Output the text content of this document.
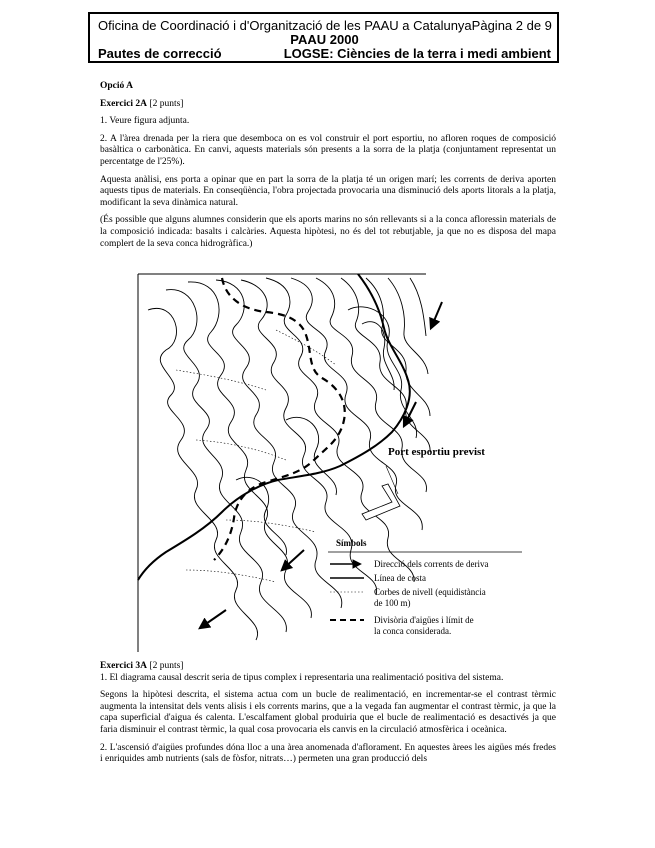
Oficina de Coordinació i d'Organització de les PAAU a Catalunya Pàgina 2 de 9
PAAU 2000
Pautes de correcció	LOGSE: Ciències de la terra i medi ambient

Opció A

Exercici 2A [2 punts]

1. Veure figura adjunta.

2. A l'àrea drenada per la riera que desemboca on es vol construir el port esportiu, no afloren roques de composició basàltica o carbonàtica. En canvi, aquests materials són presents a la sorra de la platja (conjuntament representat un percentatge de l'25%).

Aquesta anàlisi, ens porta a opinar que en part la sorra de la platja té un origen marí; les corrents de deriva aporten aquests tipus de materials. En conseqüència, l'obra projectada provocaria una disminució dels aports litorals a la platja, modificant la seva dinàmica natural.

(És possible que alguns alumnes considerin que els aports marins no són rellevants si a la conca afloressin materials de la composició indicada: basalts i calcàries. Aquesta hipòtesi, no és del tot rebutjable, ja que no es disposa del mapa complert de la seva conca hidrogràfica.)

Port esportiu previst
Símbols
Direcció dels corrents de deriva
Línea de costa
Corbes de nivell (equidistància
de 100 m)
Divisòria d'aigües i límit de
la conca considerada.

Exercici 3A [2 punts]

1. El diagrama causal descrit seria de tipus complex i representaria una realimentació positiva del sistema.

Segons la hipòtesi descrita, el sistema actua com un bucle de realimentació, en incrementar-se el contrast tèrmic augmenta la intensitat dels vents alisis i els corrents marins, que a la vegada fan augmentar el contrast tèrmic, ja que la capa superficial d'aigua és calenta. L'escalfament global produiria que el bucle de realimentació es desactivés ja que faria disminuir el contrast tèrmic, la qual cosa provocaria els canvis en la circulació atmosfèrica i oceànica.

2. L'ascensió d'aigües profundes dóna lloc a una àrea anomenada d'aflorament. En aquestes àrees les aigües més fredes i enriquides amb nutrients (sals de fòsfor, nitrats…) permeten una gran producció dels
